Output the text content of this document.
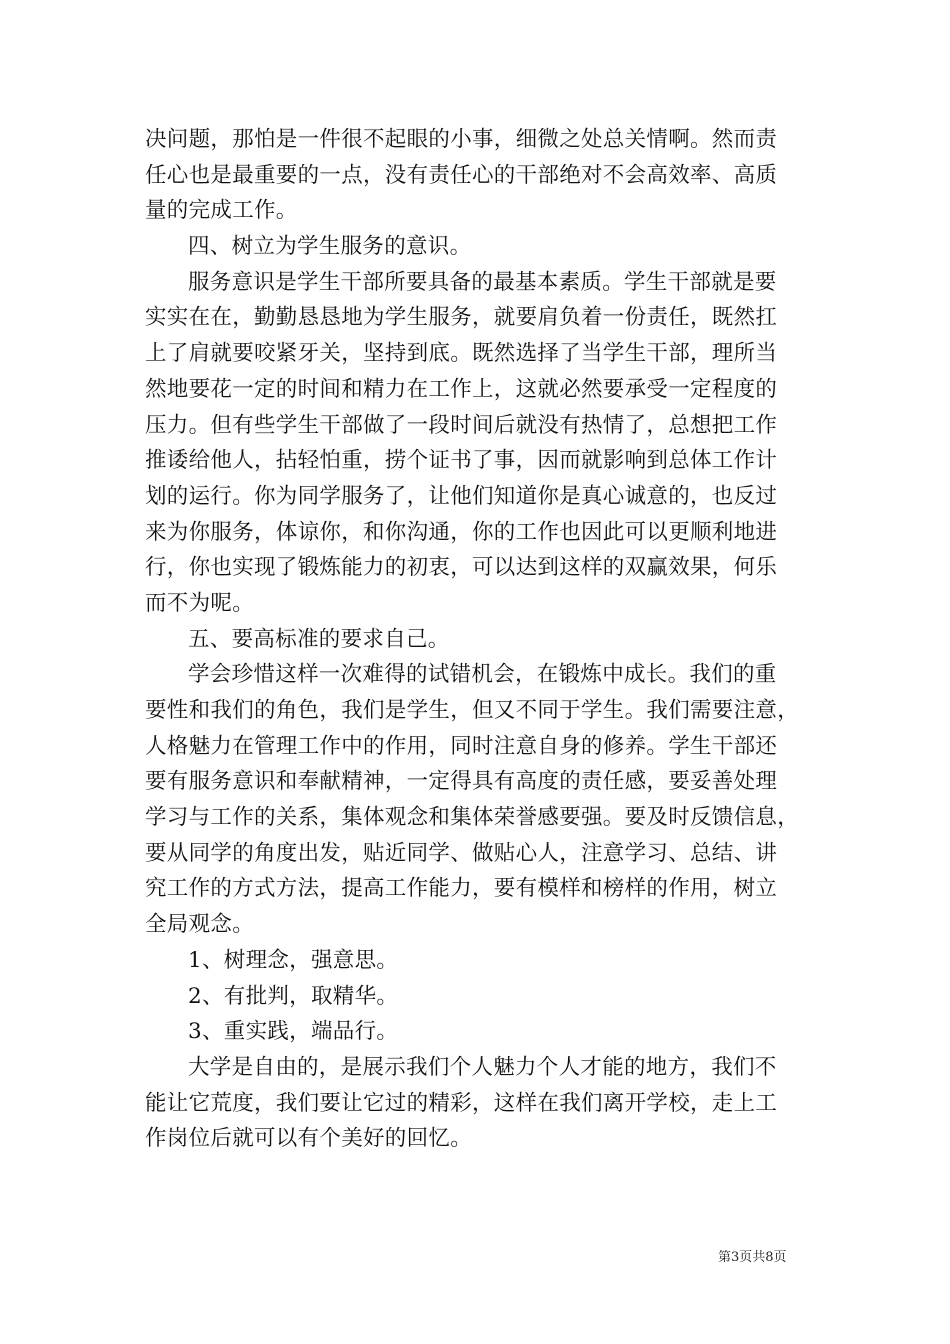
决问题，那怕是一件很不起眼的小事，细微之处总关情啊。然而责
任心也是最重要的一点，没有责任心的干部绝对不会高效率、高质
量的完成工作。
四、树立为学生服务的意识。
服务意识是学生干部所要具备的最基本素质。学生干部就是要
实实在在，勤勤恳恳地为学生服务，就要肩负着一份责任，既然扛
上了肩就要咬紧牙关，坚持到底。既然选择了当学生干部，理所当
然地要花一定的时间和精力在工作上，这就必然要承受一定程度的
压力。但有些学生干部做了一段时间后就没有热情了，总想把工作
推诿给他人，拈轻怕重，捞个证书了事，因而就影响到总体工作计
划的运行。你为同学服务了，让他们知道你是真心诚意的，也反过
来为你服务，体谅你，和你沟通，你的工作也因此可以更顺利地进
行，你也实现了锻炼能力的初衷，可以达到这样的双赢效果，何乐
而不为呢。
五、要高标准的要求自己。
学会珍惜这样一次难得的试错机会，在锻炼中成长。我们的重
要性和我们的角色，我们是学生，但又不同于学生。我们需要注意，
人格魅力在管理工作中的作用，同时注意自身的修养。学生干部还
要有服务意识和奉献精神，一定得具有高度的责任感，要妥善处理
学习与工作的关系，集体观念和集体荣誉感要强。要及时反馈信息，
要从同学的角度出发，贴近同学、做贴心人，注意学习、总结、讲
究工作的方式方法，提高工作能力，要有模样和榜样的作用，树立
全局观念。
1、树理念，强意思。
2、有批判，取精华。
3、重实践，端品行。
大学是自由的，是展示我们个人魅力个人才能的地方，我们不
能让它荒度，我们要让它过的精彩，这样在我们离开学校，走上工
作岗位后就可以有个美好的回忆。
第3页共8页
